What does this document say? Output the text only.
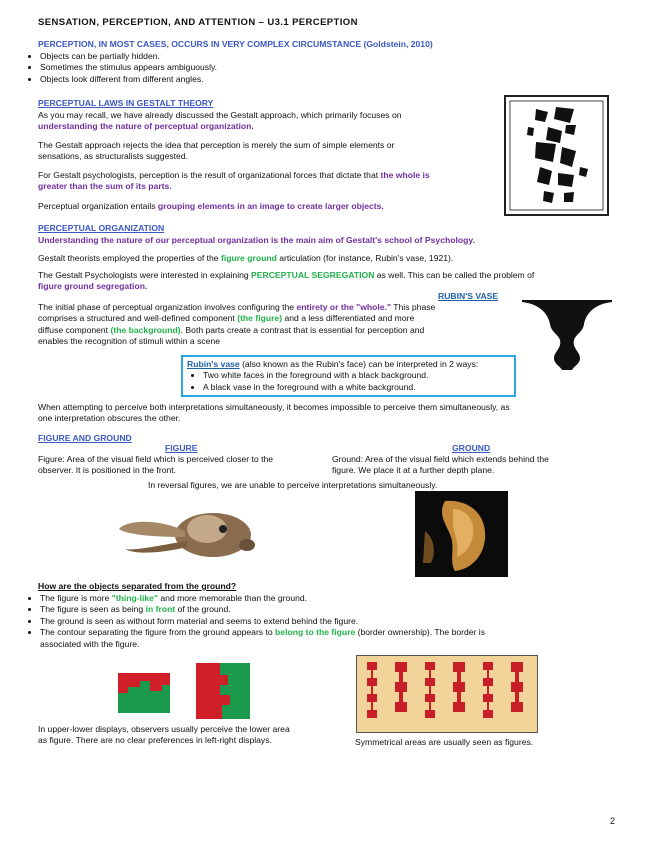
SENSATION, PERCEPTION, AND ATTENTION – U3.1 PERCEPTION
PERCEPTION, IN MOST CASES, OCCURS IN VERY COMPLEX CIRCUMSTANCE (Goldstein, 2010)
• Objects can be partially hidden.
• Sometimes the stimulus appears ambiguously.
• Objects look different from different angles.
PERCEPTUAL LAWS IN GESTALT THEORY
As you may recall, we have already discussed the Gestalt approach, which primarily focuses on
understanding the nature of perceptual organization.
The Gestalt approach rejects the idea that perception is merely the sum of simple elements or
sensations, as structuralists suggested.
For Gestalt psychologists, perception is the result of organizational forces that dictate that the whole is
greater than the sum of its parts.
Perceptual organization entails grouping elements in an image to create larger objects.
PERCEPTUAL ORGANIZATION
Understanding the nature of our perceptual organization is the main aim of Gestalt's school of Psychology.
Gestalt theorists employed the properties of the figure ground articulation (for instance, Rubin's vase, 1921).
The Gestalt Psychologists were interested in explaining PERCEPTUAL SEGREGATION as well. This can be called the problem of
figure ground segregation.
RUBIN'S VASE
The initial phase of perceptual organization involves configuring the entirety or the "whole." This phase
comprises a structured and well-defined component (the figure) and a less differentiated and more
diffuse component (the background). Both parts create a contrast that is essential for perception and
enables the recognition of stimuli within a scene
Rubin's vase (also known as the Rubin's face) can be interpreted in 2 ways:
• Two white faces in the foreground with a black background.
• A black vase in the foreground with a white background.
When attempting to perceive both interpretations simultaneously, it becomes impossible to perceive them simultaneously, as
one interpretation obscures the other.
FIGURE AND GROUND
FIGURE	GROUND
Figure: Area of the visual field which is perceived closer to the
observer. It is positioned in the front.
Ground: Area of the visual field which extends behind the
figure. We place it at a further depth plane.
In reversal figures, we are unable to perceive interpretations simultaneously.
How are the objects separated from the ground?
• The figure is more "thing-like" and more memorable than the ground.
• The figure is seen as being in front of the ground.
• The ground is seen as without form material and seems to extend behind the figure.
• The contour separating the figure from the ground appears to belong to the figure (border ownership). The border is
associated with the figure.
In upper-lower displays, observers usually perceive the lower area
as figure. There are no clear preferences in left-right displays.	Symmetrical areas are usually seen as figures.
2
